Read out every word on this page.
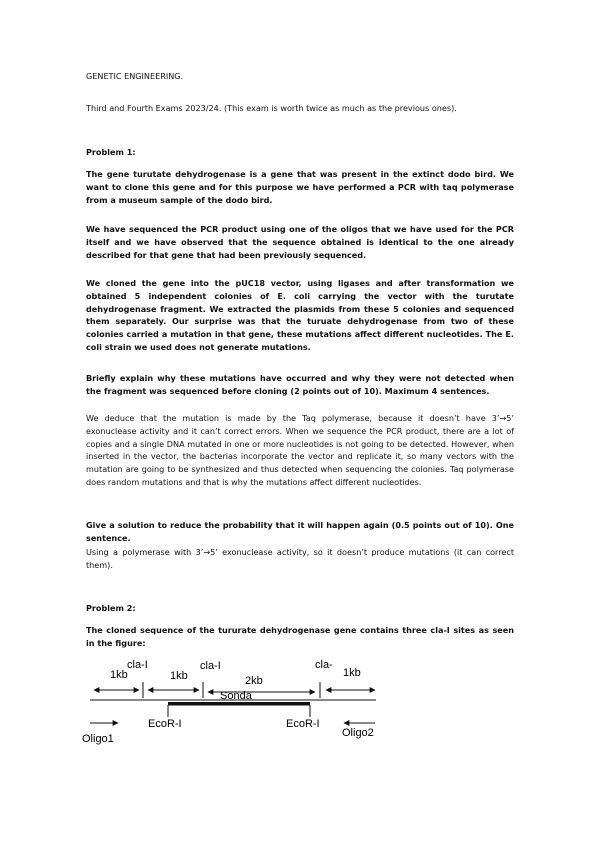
GENETIC ENGINEERING.

Third and Fourth Exams 2023/24. (This exam is worth twice as much as the previous ones).

Problem 1:

The gene turutate dehydrogenase is a gene that was present in the extinct dodo bird. We want to clone this gene and for this purpose we have performed a PCR with taq polymerase from a museum sample of the dodo bird.

We have sequenced the PCR product using one of the oligos that we have used for the PCR itself and we have observed that the sequence obtained is identical to the one already described for that gene that had been previously sequenced.

We cloned the gene into the pUC18 vector, using ligases and after transformation we obtained 5 independent colonies of E. coli carrying the vector with the turutate dehydrogenase fragment. We extracted the plasmids from these 5 colonies and sequenced them separately. Our surprise was that the turuate dehydrogenase from two of these colonies carried a mutation in that gene, these mutations affect different nucleotides. The E. coli strain we used does not generate mutations.

Briefly explain why these mutations have occurred and why they were not detected when the fragment was sequenced before cloning (2 points out of 10). Maximum 4 sentences.

We deduce that the mutation is made by the Taq polymerase, because it doesn’t have 3’→5’ exonuclease activity and it can’t correct errors. When we sequence the PCR product, there are a lot of copies and a single DNA mutated in one or more nucleotides is not going to be detected. However, when inserted in the vector, the bacterias incorporate the vector and replicate it, so many vectors with the mutation are going to be synthesized and thus detected when sequencing the colonies. Taq polymerase does random mutations and that is why the mutations affect different nucleotides.

Give a solution to reduce the probability that it will happen again (0.5 points out of 10). One sentence.

Using a polymerase with 3’→5’ exonuclease activity, so it doesn’t produce mutations (it can correct them).

Problem 2:

The cloned sequence of the tururate dehydrogenase gene contains three cla-I sites as seen in the figure:

1kb
cla-I
1kb
cla-I
2kb
Sonda
cla-
1kb
EcoR-I	EcoR-I
Oligo1	Oligo2
